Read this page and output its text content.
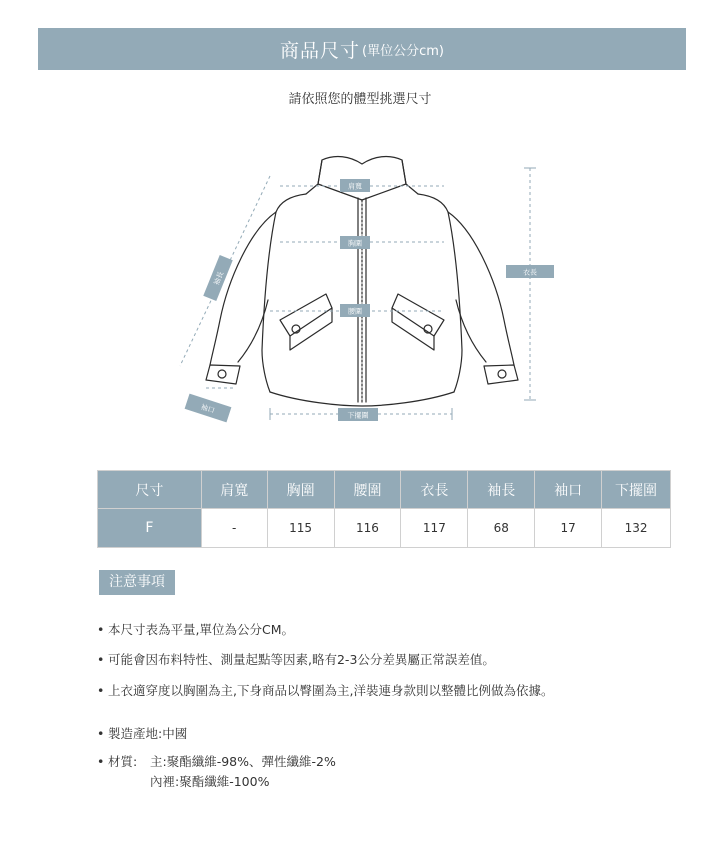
商品尺寸 (單位公分cm)
請依照您的體型挑選尺寸
肩寬
胸圍
腰圍
衣長
下擺圍
袖長
袖口
尺寸	肩寬	胸圍	腰圍	衣長	袖長	袖口	下擺圍
F	-	115	116	117	68	17	132
注意事項
• 本尺寸表為平量,單位為公分CM。
• 可能會因布料特性、測量起點等因素,略有2-3公分差異屬正常誤差值。
• 上衣適穿度以胸圍為主,下身商品以臀圍為主,洋裝連身款則以整體比例做為依據。
• 製造產地:中國
• 材質: 主:聚酯纖維-98%、彈性纖維-2%
內裡:聚酯纖維-100%
